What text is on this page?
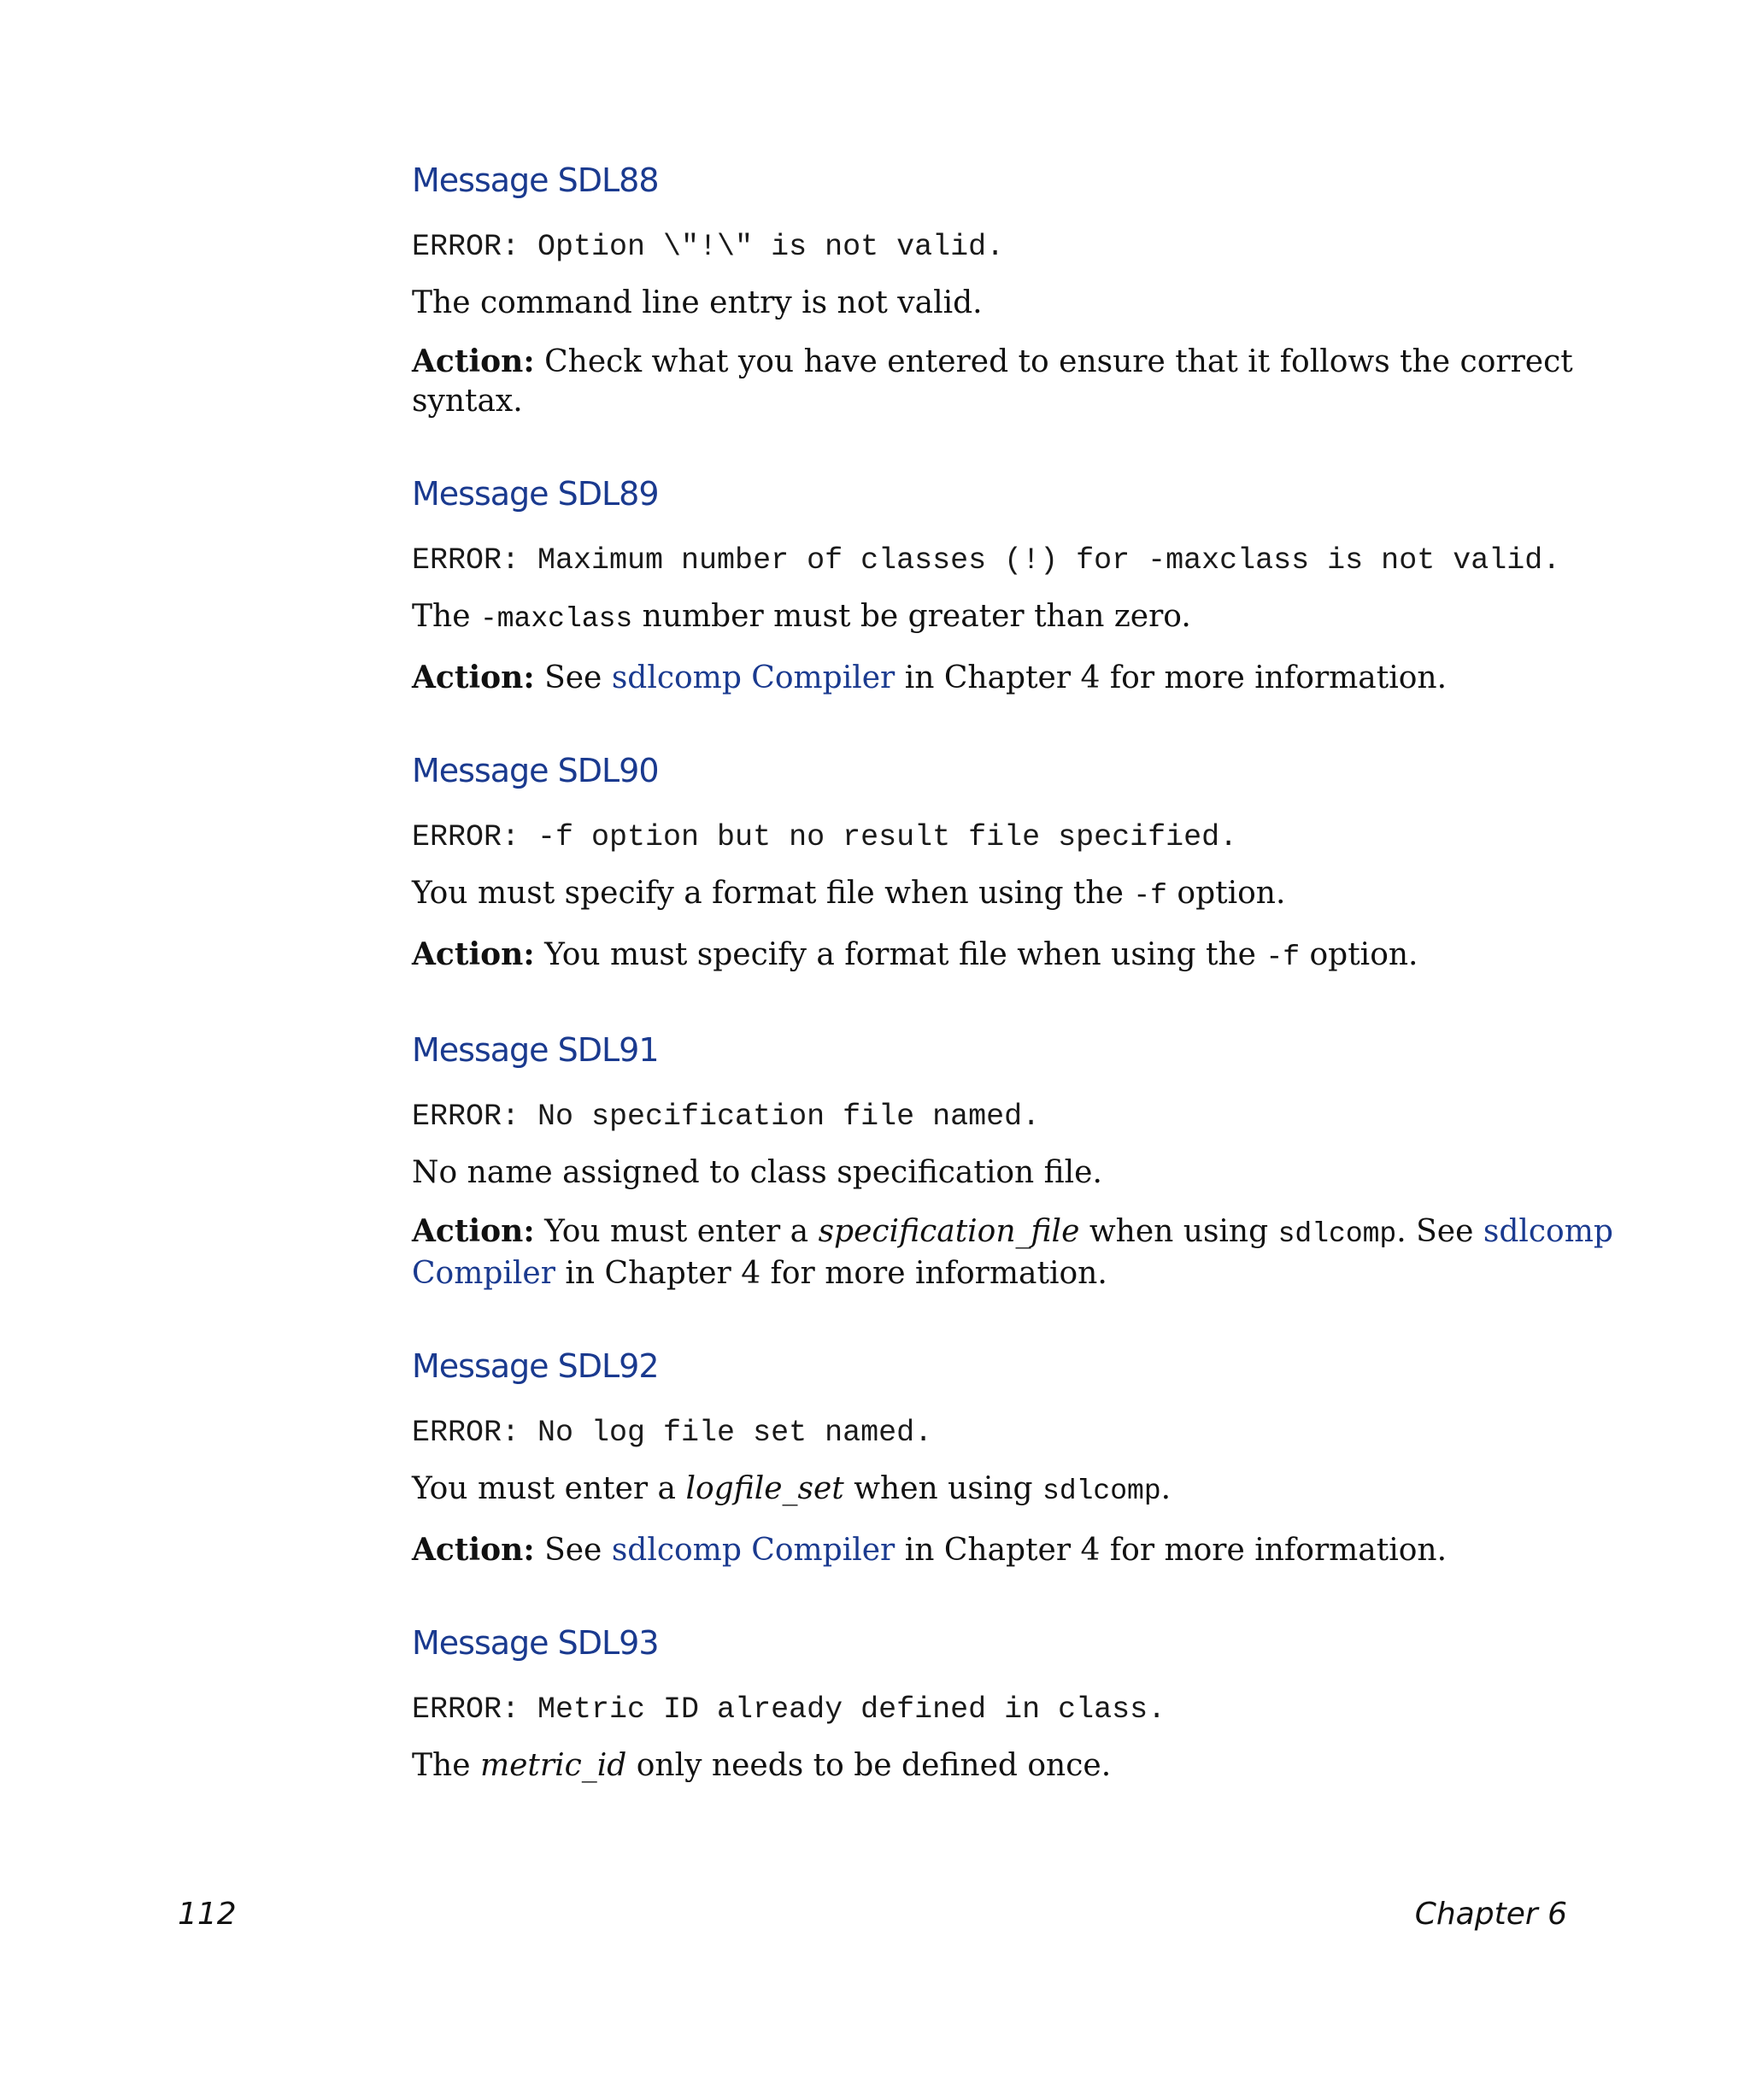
Message SDL88
ERROR: Option \"!\" is not valid.

The command line entry is not valid.

Action: Check what you have entered to ensure that it follows the correct syntax.

Message SDL89
ERROR: Maximum number of classes (!) for -maxclass is not valid.

The -maxclass number must be greater than zero.

Action: See sdlcomp Compiler in Chapter 4 for more information.

Message SDL90
ERROR: -f option but no result file specified.

You must specify a format file when using the -f option.

Action: You must specify a format file when using the -f option.

Message SDL91
ERROR: No specification file named.

No name assigned to class specification file.

Action: You must enter a specification_file when using sdlcomp. See sdlcomp Compiler in Chapter 4 for more information.

Message SDL92
ERROR: No log file set named.

You must enter a logfile_set when using sdlcomp.

Action: See sdlcomp Compiler in Chapter 4 for more information.

Message SDL93
ERROR: Metric ID already defined in class.

The metric_id only needs to be defined once.

112	Chapter 6
